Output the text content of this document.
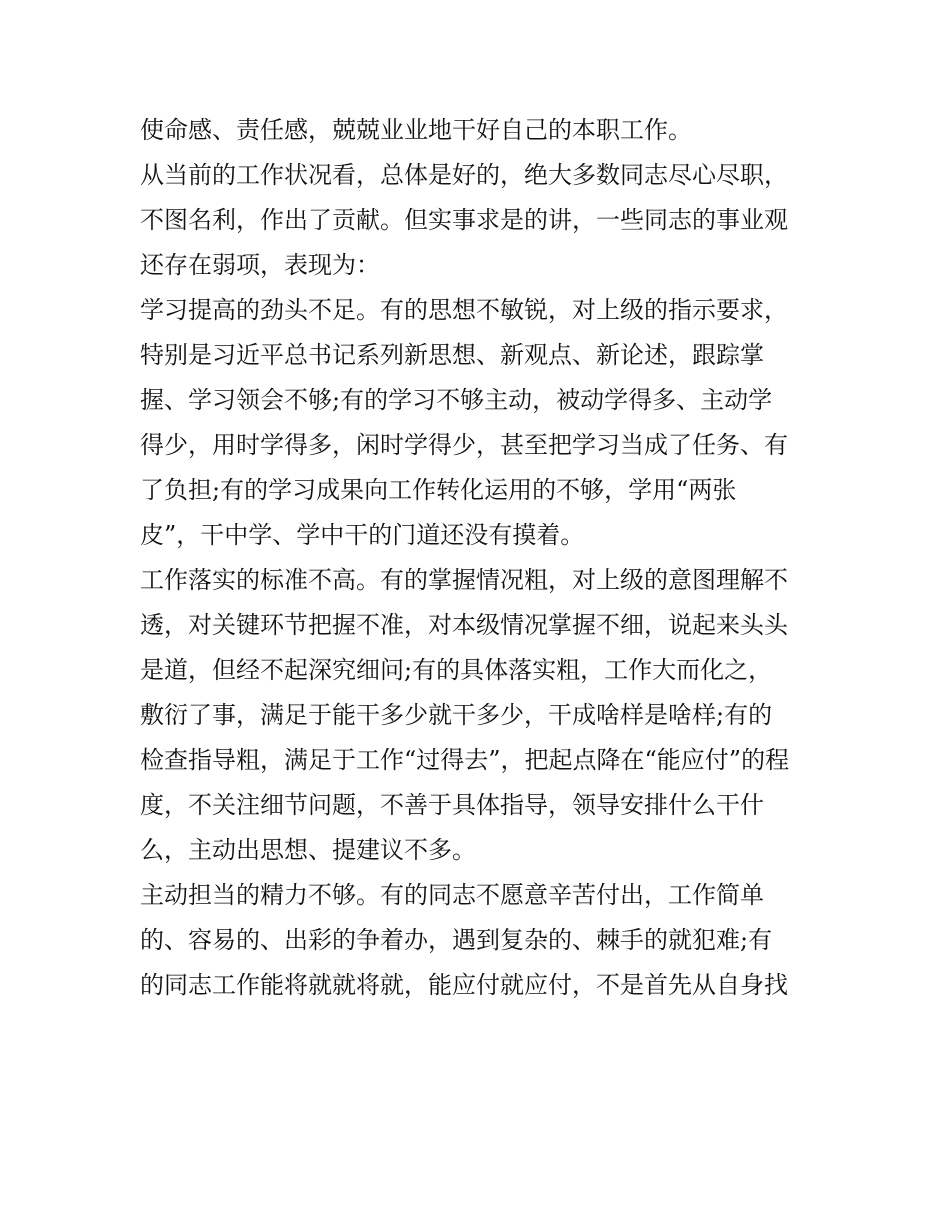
使命感、责任感，兢兢业业地干好自己的本职工作。
从当前的工作状况看，总体是好的，绝大多数同志尽心尽职，
不图名利，作出了贡献。但实事求是的讲，一些同志的事业观
还存在弱项，表现为：
学习提高的劲头不足。有的思想不敏锐，对上级的指示要求，
特别是习近平总书记系列新思想、新观点、新论述，跟踪掌
握、学习领会不够;有的学习不够主动，被动学得多、主动学
得少，用时学得多，闲时学得少，甚至把学习当成了任务、有
了负担;有的学习成果向工作转化运用的不够，学用“两张
皮”，干中学、学中干的门道还没有摸着。
工作落实的标准不高。有的掌握情况粗，对上级的意图理解不
透，对关键环节把握不准，对本级情况掌握不细，说起来头头
是道，但经不起深究细问;有的具体落实粗，工作大而化之，
敷衍了事，满足于能干多少就干多少，干成啥样是啥样;有的
检查指导粗，满足于工作“过得去”，把起点降在“能应付”的程
度，不关注细节问题，不善于具体指导，领导安排什么干什
么，主动出思想、提建议不多。
主动担当的精力不够。有的同志不愿意辛苦付出，工作简单
的、容易的、出彩的争着办，遇到复杂的、棘手的就犯难;有
的同志工作能将就就将就，能应付就应付，不是首先从自身找
